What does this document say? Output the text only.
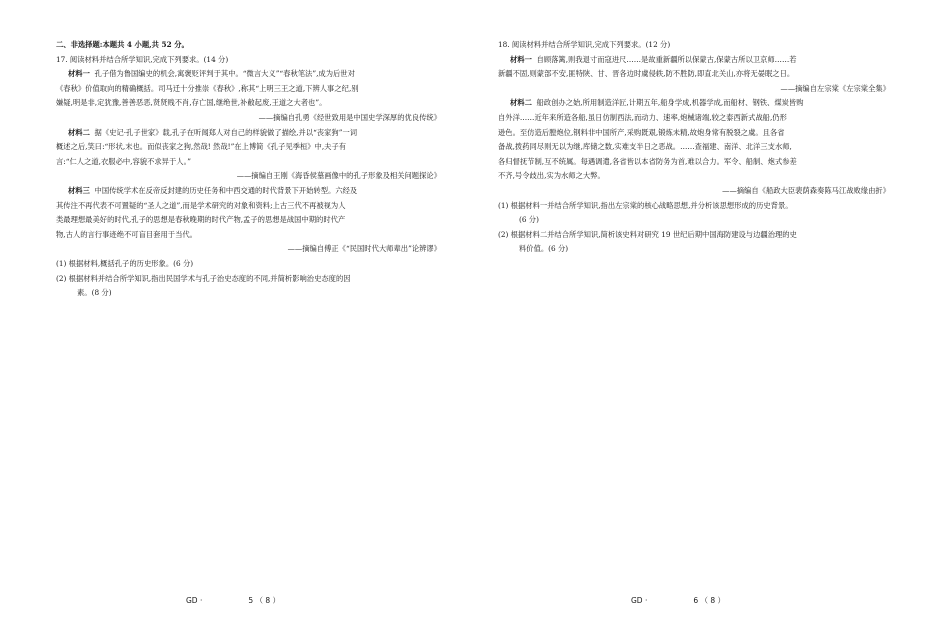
二、非选择题:本题共 4 小题,共 52 分。
17. 阅读材料并结合所学知识,完成下列要求。(14 分)
材料一 孔子借为鲁国编史的机会,寓褒贬评判于其中。“微言大义”“春秋笔法”,成为后世对
《春秋》价值取向的精确概括。司马迁十分推崇《春秋》,称其“上明三王之道,下辨人事之纪,别
嫌疑,明是非,定犹豫,善善恶恶,贤贤贱不肖,存亡国,继绝世,补敝起废,王道之大者也”。
——摘编自孔勇《经世致用是中国史学深厚的优良传统》
材料二 据《史记·孔子世家》载,孔子在听闻郑人对自己的样貌做了描绘,并以“丧家狗”一词
概述之后,笑曰:“形状,末也。而似丧家之狗,然哉! 然哉!”在上博简《孔子见季桓》中,夫子有
言:“仁人之道,衣服必中,容貌不求异于人。”
——摘编自王刚《海昏侯墓画像中的孔子形象及相关问题探论》
材料三 中国传统学术在反帝反封建的历史任务和中西交通的时代背景下开始转型。六经及
其传注不再代表不可置疑的“圣人之道”,而是学术研究的对象和资料;上古三代不再被视为人
类最理想最美好的时代,孔子的思想是春秋晚期的时代产物,孟子的思想是战国中期的时代产
物,古人的言行事迹绝不可盲目套用于当代。
——摘编自傅正《“民国时代大师辈出”论辨谬》
(1) 根据材料,概括孔子的历史形象。(6 分)
(2) 根据材料并结合所学知识,指出民国学术与孔子治史态度的不同,并简析影响治史态度的因
素。(8 分)
GD ·	5 （ 8 ）
18. 阅读材料并结合所学知识,完成下列要求。(12 分)
材料一 自顾落篱,则我退寸而寇进尺……是故重新疆所以保蒙古,保蒙古所以卫京师……若
新疆不固,则蒙部不安,匪特陕、甘、晋各边时虞侵轶,防不胜防,即直北关山,亦将无晏眠之日。
——摘编自左宗棠《左宗棠全集》
材料二 船政创办之始,所用制造洋匠,计期五年,船身学成,机器学成,而船材、钢铁、煤炭皆购
自外洋……近年来所造各船,虽日仿制西法,而动力、速率,炮械诸端,较之泰西新式战船,仍形
逊色。至仿造后膛炮位,钢料非中国所产,采购既艰,锻炼未精,故炮身常有脱裂之虞。且各省
备战,拨药同尽则无以为继,库储之数,实难支半日之恶战。……查福建、南洋、北洋三支水师,
各归督抚节制,互不统属。每遇调遣,各省皆以本省防务为首,难以合力。军令、船制、炮式参差
不齐,号令歧出,实为水师之大弊。
——摘编自《船政大臣裴荫森奏陈马江战败缘由折》
(1) 根据材料一并结合所学知识,指出左宗棠的核心战略思想,并分析该思想形成的历史背景。
(6 分)
(2) 根据材料二并结合所学知识,简析该史料对研究 19 世纪后期中国海防建设与边疆治理的史
料价值。(6 分)
GD ·	6 （ 8 ）
